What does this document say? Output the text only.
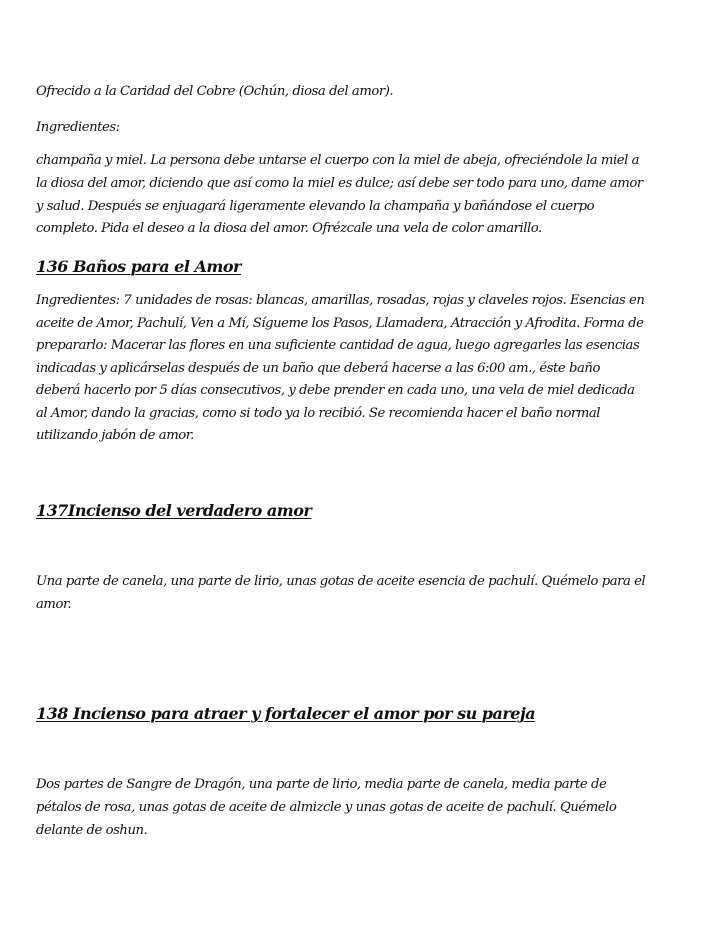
Ofrecido a la Caridad del Cobre (Ochún, diosa del amor).
Ingredientes:
champaña y miel. La persona debe untarse el cuerpo con la miel de abeja, ofreciéndole la miel a
la diosa del amor, diciendo que así como la miel es dulce; así debe ser todo para uno, dame amor
y salud. Después se enjuagará ligeramente elevando la champaña y bañándose el cuerpo
completo. Pida el deseo a la diosa del amor. Ofrézcale una vela de color amarillo.
136 Baños para el Amor
Ingredientes: 7 unidades de rosas: blancas, amarillas, rosadas, rojas y claveles rojos. Esencias en
aceite de Amor, Pachulí, Ven a Mí, Sígueme los Pasos, Llamadera, Atracción y Afrodita. Forma de
prepararlo: Macerar las flores en una suficiente cantidad de agua, luego agregarles las esencias
indicadas y aplicárselas después de un baño que deberá hacerse a las 6:00 am., éste baño
deberá hacerlo por 5 días consecutivos, y debe prender en cada uno, una vela de miel dedicada
al Amor, dando la gracias, como si todo ya lo recibió. Se recomienda hacer el baño normal
utilizando jabón de amor.
137Incienso del verdadero amor
Una parte de canela, una parte de lirio, unas gotas de aceite esencia de pachulí. Quémelo para el
amor.
138 Incienso para atraer y fortalecer el amor por su pareja
Dos partes de Sangre de Dragón, una parte de lirio, media parte de canela, media parte de
pétalos de rosa, unas gotas de aceite de almizcle y unas gotas de aceite de pachulí. Quémelo
delante de oshun.
